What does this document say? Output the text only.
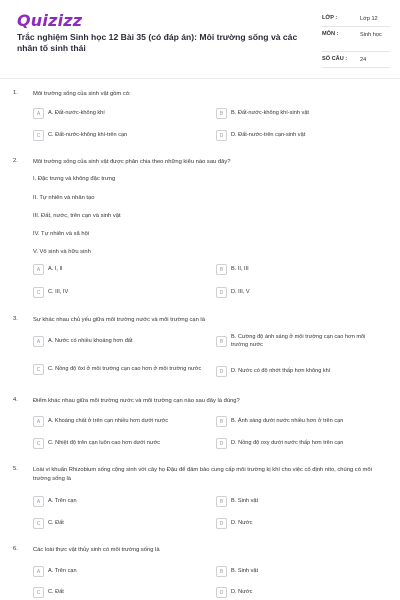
Quizizz
Trắc nghiệm Sinh học 12 Bài 35 (có đáp án): Môi trường sống và các nhân tố sinh thái
LỚP :	Lớp 12
MÔN :	Sinh học
SỐ CÂU : 24
1.	Môi trường sống của sinh vật gồm có:
A	A. Đất-nước-không khí	B	B. Đất-nước-không khí-sinh vật
C	C. Đất-nước-không khí-trên cạn	D	D. Đất-nước-trên cạn-sinh vật
2.	Môi trường sống của sinh vật được phân chia theo những kiểu nào sau đây?
I. Đặc trưng và không đặc trưng
II. Tự nhiên và nhân tạo
III. Đất, nước, trên cạn và sinh vật
IV. Tự nhiên và xã hội
V. Vô sinh và hữu sinh
A	A. I, II	B	B. II, III
C	C. III, IV	D	D. III, V
3.	Sự khác nhau chủ yếu giữa môi trường nước và môi trường cạn là
A	A. Nước có nhiều khoáng hơn đất	B
B. Cường độ ánh sáng ở môi trường cạn cao hơn môi trường nước
C	C. Nồng độ ôxi ở môi trường cạn cao hơn ở môi trường nước	D	D. Nước có độ nhớt thấp hơn không khí
4.	Điểm khác nhau giữa môi trường nước và môi trường cạn nào sau đây là đúng?
A	A. Khoáng chất ở trên cạn nhiều hơn dưới nước	B	B. Ánh sáng dưới nước nhiều hơn ở trên cạn
C	C. Nhiệt độ trên cạn luôn cao hơn dưới nước	D	D. Nồng độ oxy dưới nước thấp hơn trên cạn
5.	Loài vi khuẩn Rhizobium sống cộng sinh với cây họ Đậu để đảm bảo cung cấp môi trường kị khí cho việc cố định nito, chúng có môi trường sống là
A	A. Trên cạn	B	B. Sinh vật
C	C. Đất	D	D. Nước
6.	Các loài thực vật thủy sinh có môi trường sống là
A	A. Trên cạn	B	B. Sinh vật
C	C. Đất	D	D. Nước
